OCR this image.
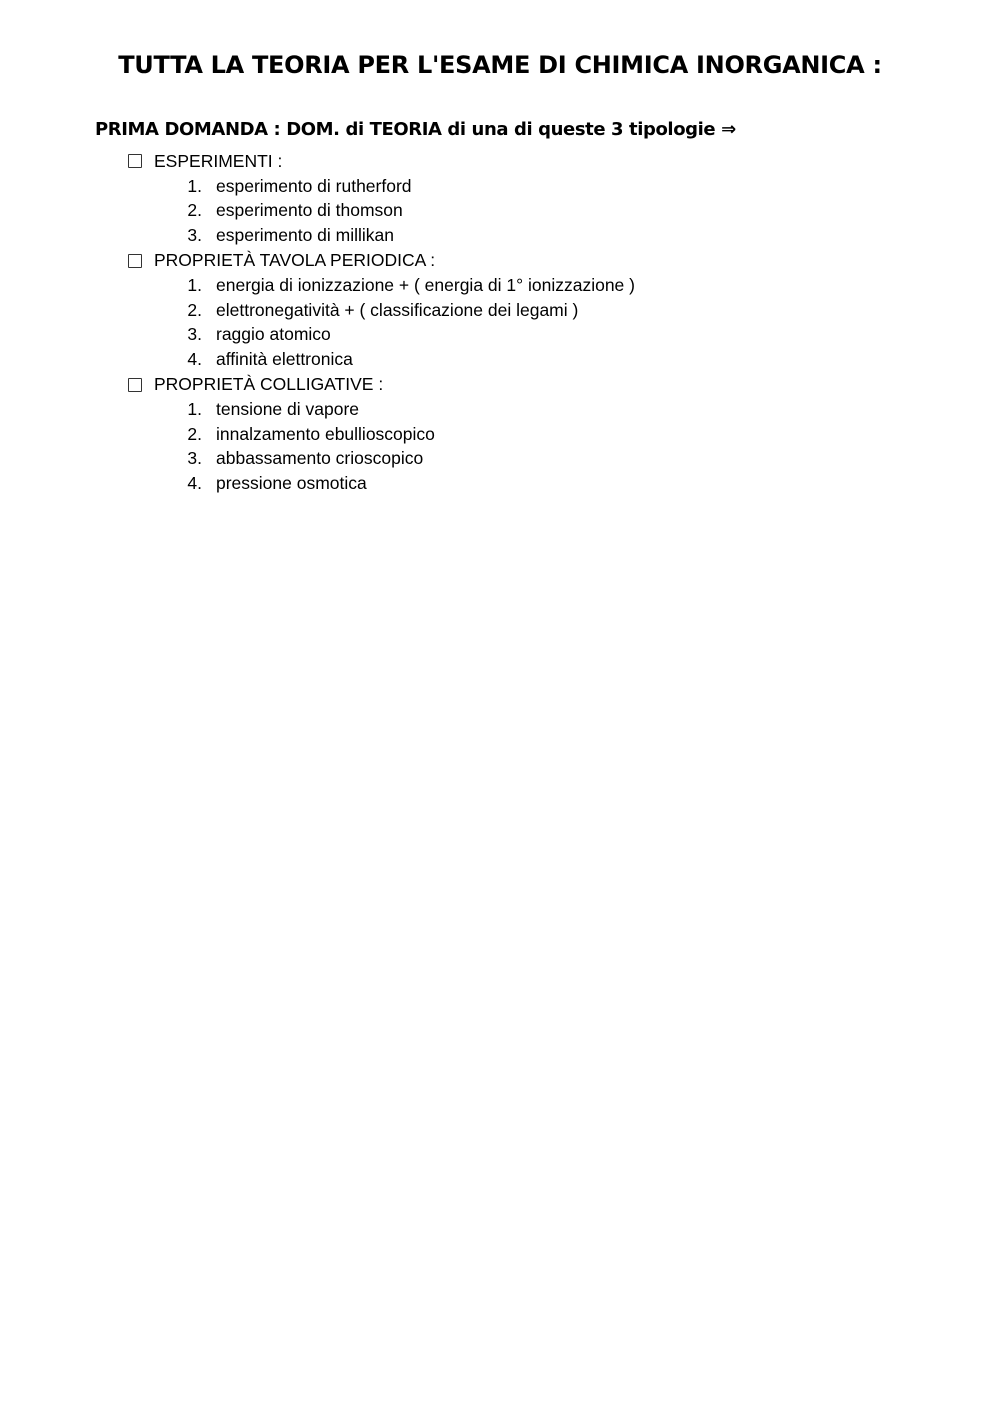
TUTTA LA TEORIA PER L'ESAME DI CHIMICA INORGANICA :
PRIMA DOMANDA : DOM. di TEORIA di una di queste 3 tipologie ⇒
ESPERIMENTI :
1. esperimento di rutherford
2. esperimento di thomson
3. esperimento di millikan
PROPRIETÀ TAVOLA PERIODICA :
1. energia di ionizzazione + ( energia di 1° ionizzazione )
2. elettronegatività + ( classificazione dei legami )
3. raggio atomico
4. affinità elettronica
PROPRIETÀ COLLIGATIVE :
1. tensione di vapore
2. innalzamento ebullioscopico
3. abbassamento crioscopico
4. pressione osmotica
